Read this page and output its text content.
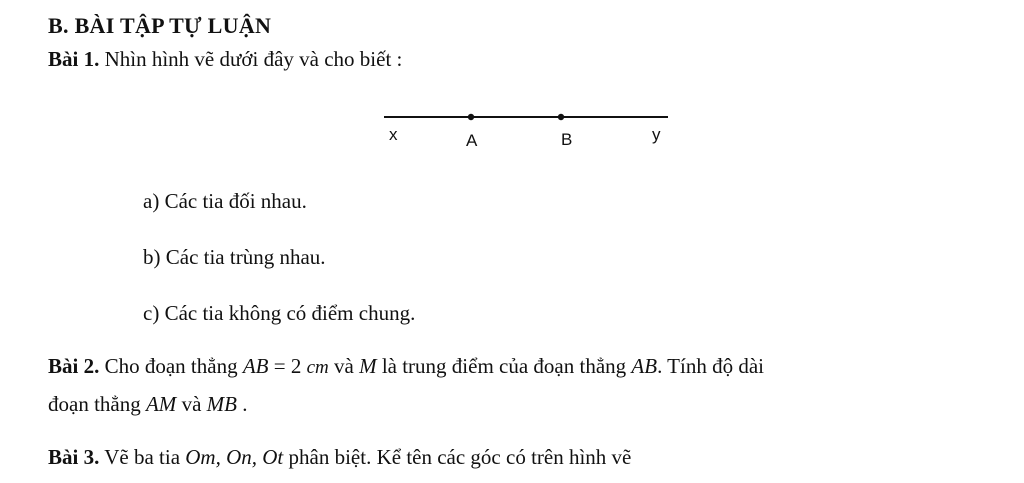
B. BÀI TẬP TỰ LUẬN
Bài 1. Nhìn hình vẽ dưới đây và cho biết :
x	A	B	y
a) Các tia đối nhau.
b) Các tia trùng nhau.
c) Các tia không có điểm chung.
Bài 2. Cho đoạn thẳng AB = 2 cm và M là trung điểm của đoạn thẳng AB. Tính độ dài
đoạn thẳng AM và MB .
Bài 3. Vẽ ba tia Om, On, Ot phân biệt. Kể tên các góc có trên hình vẽ
